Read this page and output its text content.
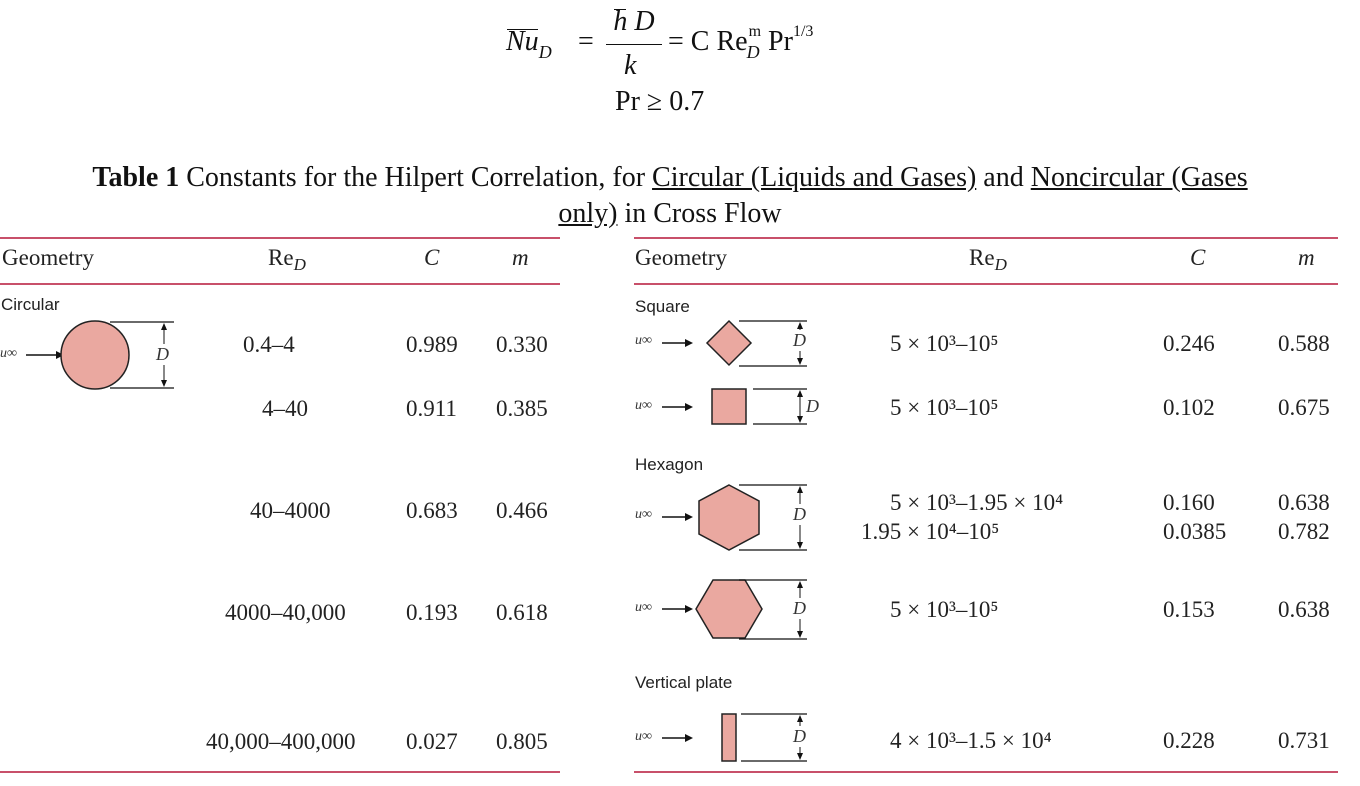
$Nu_D$ =
h D
k
= C $Re_D^m$ $Pr^{1/3}$
Pr ≥ 0.7
Table 1 Constants for the Hilpert Correlation, for Circular (Liquids and Gases) and Noncircular (Gases
only) in Cross Flow
Geometry	$Re_D$	C	m
Circular
u∞	D	0.4–4	0.989 0.330
4–40	0.911 0.385
40–4000	0.683 0.466
4000–40,000	0.193 0.618
40,000–400,000 0.027 0.805
Geometry	$Re_D$	C	m
Square
Hexagon
Vertical plate
u∞	D
u∞	D
u∞	D
u∞	D
u∞	D
5 × 10³–10⁵	0.246	0.588
5 × 10³–10⁵	0.102	0.675
5 × 10³–1.95 × 10⁴	0.160	0.638
1.95 × 10⁴–10⁵	0.0385 0.782
5 × 10³–10⁵	0.153	0.638
4 × 10³–1.5 × 10⁴	0.228	0.731
